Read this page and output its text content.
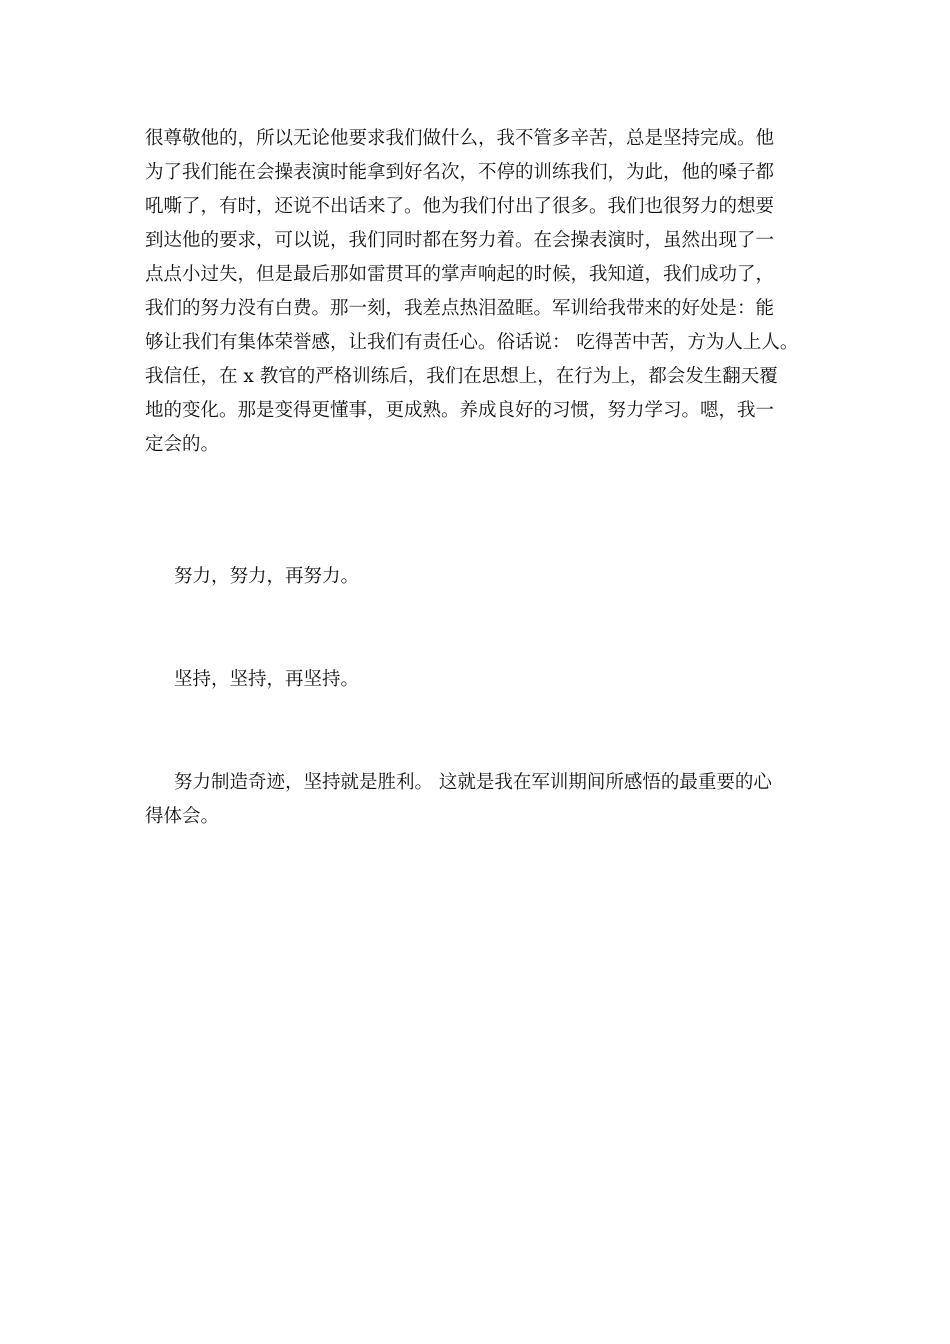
很尊敬他的，所以无论他要求我们做什么，我不管多辛苦，总是坚持完成。他
为了我们能在会操表演时能拿到好名次，不停的训练我们，为此，他的嗓子都
吼嘶了，有时，还说不出话来了。他为我们付出了很多。我们也很努力的想要
到达他的要求，可以说，我们同时都在努力着。在会操表演时，虽然出现了一
点点小过失，但是最后那如雷贯耳的掌声响起的时候，我知道，我们成功了，
我们的努力没有白费。那一刻，我差点热泪盈眶。军训给我带来的好处是：能
够让我们有集体荣誉感，让我们有责任心。俗话说： 吃得苦中苦，方为人上人。
我信任，在 x 教官的严格训练后，我们在思想上，在行为上，都会发生翻天覆
地的变化。那是变得更懂事，更成熟。养成良好的习惯，努力学习。嗯，我一
定会的。
努力，努力，再努力。
坚持，坚持，再坚持。
努力制造奇迹，坚持就是胜利。 这就是我在军训期间所感悟的最重要的心
得体会。
